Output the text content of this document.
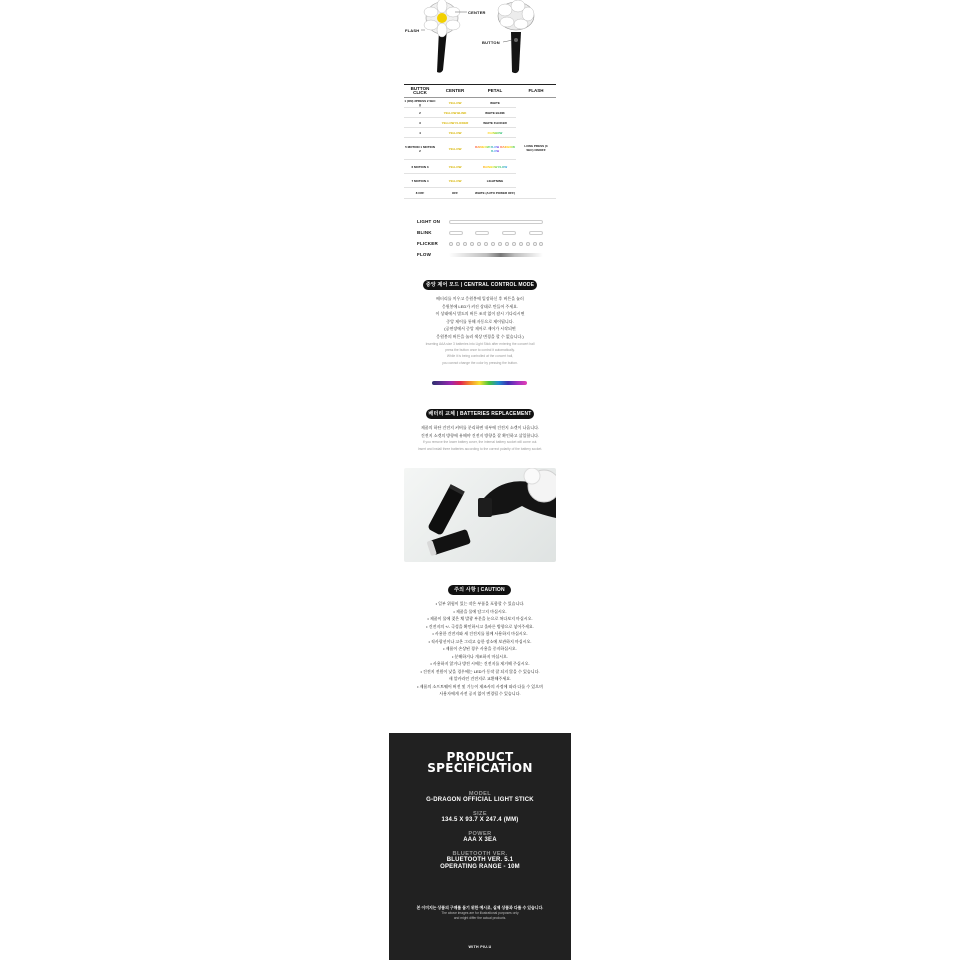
CENTER
FLASH
BUTTON
BUTTON CLICK	CENTER	PETAL	FLASH
1 (ON) 3PRESS 2 SEC ()	YELLOW	WHITE	LONG PRESS (3 SEC) ON/OFF
2	YELLOW BLINK	WHITE BLINK	
3	YELLOW FLICKER	WHITE FLICKER	
4	YELLOW	RAINBOW	
5 MOTION 1 MOTION 2	YELLOW	RAINBOW FLOW RAINBOW FLOW	
6 MOTION 3	YELLOW	RAINBOW FLOW	
7 MOTION 4	YELLOW	LIGHTNING	
8 OFF	OFF	WHITE (AUTO POWER OFF)	
LIGHT ON
BLINK
FLICKER
FLOW
중앙 제어 모드 | CENTRAL CONTROL MODE
배터리를 끼우고 응원봉에 입장하신 후 버튼을 눌러
응원봉에 LED가 켜진 상태로 만들어 주세요.
이 상태에서 별도의 버튼 조작 없이 잠시 기다리시면
중앙 제어를 통해 자동으로 제어됩니다.
(공연장에서 중앙 제어로 제어가 시작되면
응원봉의 버튼을 눌러 색상 변경을 할 수 없습니다.)
Inserting AAA size 3 batteries into Light Stick after entering the concert hall
press the button once to control it automatically.
While it is being controlled at the concert hall,
you cannot change the color by pressing the button.
배터리 교체 | BATTERIES REPLACEMENT
제품의 하단 건전지 커버를 분리하면 내부에 건전지 소켓이 나옵니다.
건전지 소켓의 방향에 유해야 건전지 방향을 잘 확인하고 삽입합니다.
If you remove the lower battery cover, the internal battery socket will come out.
Insert and install three batteries according to the correct polarity of the battery socket.
주의 사항 | CAUTION
• 일부 위험이 있는 작은 부품을 포함할 수 있습니다.
• 제품을 물에 담그지 마십시오.
• 제품이 물에 젖은 채 발광 부분을 눈으로 쳐다보지 마십시오.
• 건전지의 +/- 극성을 확인하시고 올바른 방향으로 넣어주세요.
• 사용한 건전지와 새 건전지를 함께 사용하지 마십시오.
• 직사광선이나 고온 그리고 습한 장소에 보관하지 마십시오.
• 제품이 손상된 경우 사용을 중지하십시오.
• 분해하거나 개조하지 마십시오.
• 사용하지 않거나 방전 시에는 건전지를 제거해 주십시오.
• 건전지 전원이 낮을 경우에는 LED가 동작 잘 되지 않을 수 있습니다.
새 알카라인 건전지로 교환해주세요.
• 제품의 소프트웨어 버전 및 기능이 제조사의 사정에 따라 다를 수 있으며
사용자에게 사전 공지 없이 변경될 수 있습니다.
PRODUCT
SPECIFICATION
MODEL
G-DRAGON OFFICIAL LIGHT STICK
SIZE
134.5 X 93.7 X 247.4 (MM)
POWER
AAA X 3EA
BLUETOOTH VER.
BLUETOOTH VER. 5.1
OPERATING RANGE - 10M
본 이미지는 상품의 구매를 돕기 위한 예시로, 실제 상품과 다를 수 있습니다.
The above images are for illustrational purposes only
and might differ the actual products.
WITH PIU-U
